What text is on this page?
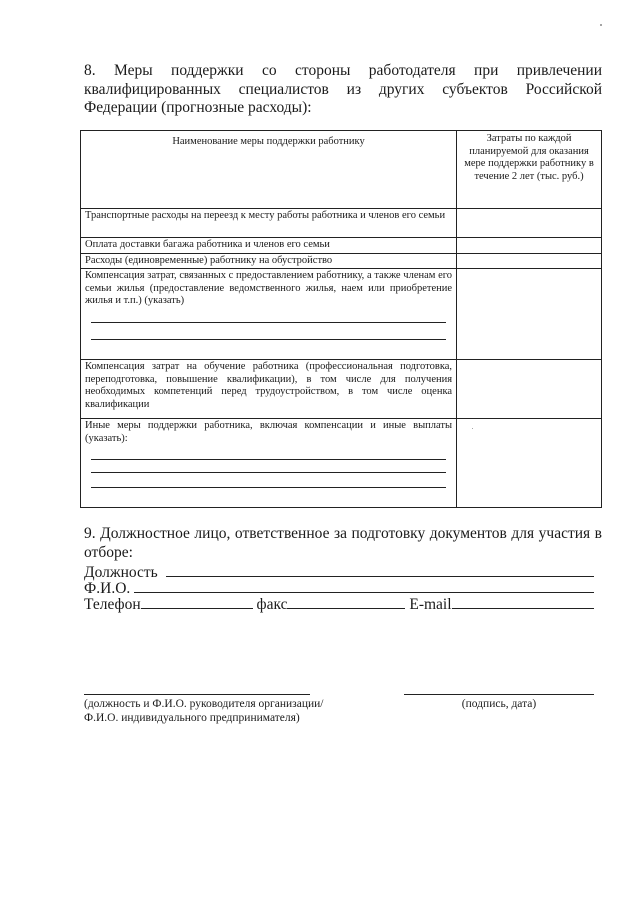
8. Меры поддержки со стороны работодателя при привлечении квалифицированных специалистов из других субъектов Российской Федерации (прогнозные расходы):

Наименование меры поддержки работнику	Затраты по каждой планируемой для оказания мере поддержки работнику в течение 2 лет (тыс. руб.)
Транспортные расходы на переезд к месту работы работника и членов его семьи	
Оплата доставки багажа работника и членов его семьи	
Расходы (единовременные) работнику на обустройство	

Компенсация затрат, связанных с предоставлением работнику, а также членам его семьи жилья (предоставление ведомственного жилья, наем или приобретение жилья и т.п.) (указать)	

Компенсация затрат на обучение работника (профессиональная подготовка, переподготовка, повышение квалификации), в том числе для получения необходимых компетенций перед трудоустройством, в том числе оценка квалификации	

Иные меры поддержки работника, включая компенсации и иные выплаты (указать):	

9. Должностное лицо, ответственное за подготовку документов для участия в отборе:

Должность
Ф.И.О.
Телефон	факс	E-mail
(должность и Ф.И.О. руководителя организации/ Ф.И.О. индивидуального предпринимателя)
(подпись, дата)
